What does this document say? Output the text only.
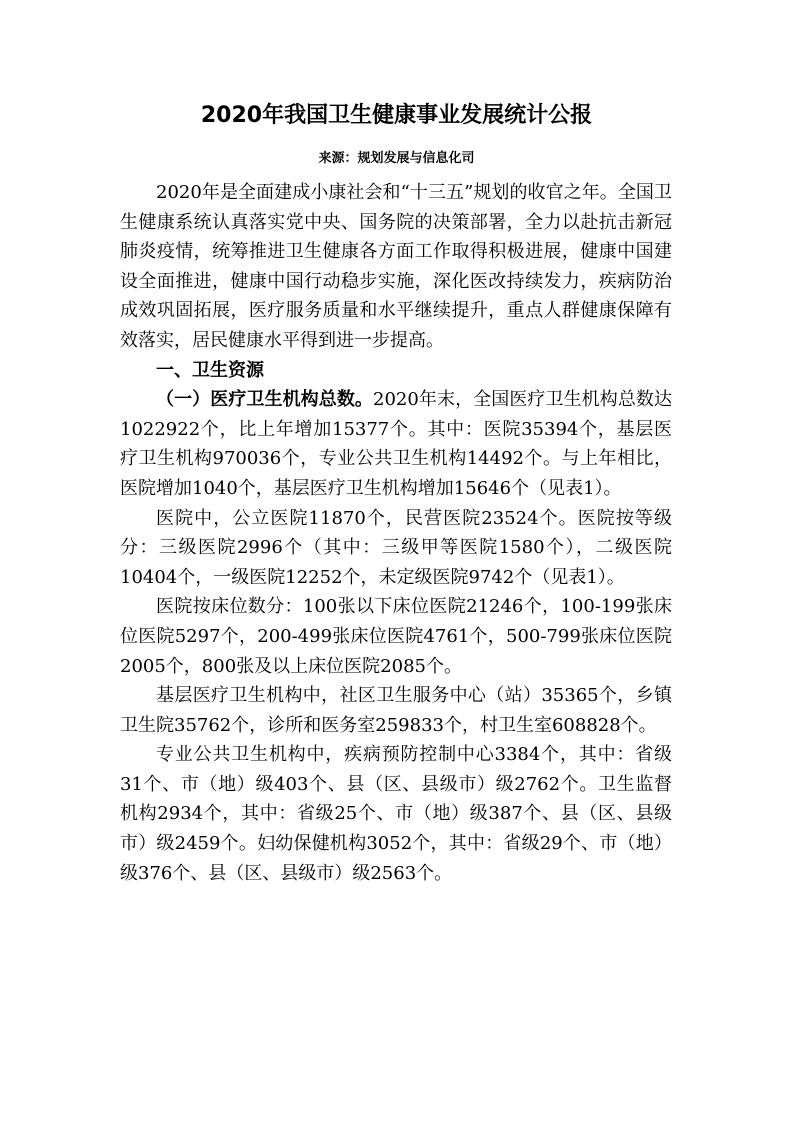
2020年我国卫生健康事业发展统计公报
来源：规划发展与信息化司

2020年是全面建成小康社会和“十三五”规划的收官之年。全国卫生健康系统认真落实党中央、国务院的决策部署，全力以赴抗击新冠肺炎疫情，统筹推进卫生健康各方面工作取得积极进展，健康中国建设全面推进，健康中国行动稳步实施，深化医改持续发力，疾病防治成效巩固拓展，医疗服务质量和水平继续提升，重点人群健康保障有效落实，居民健康水平得到进一步提高。

一、卫生资源

（一）医疗卫生机构总数。2020年末，全国医疗卫生机构总数达1022922个，比上年增加15377个。其中：医院35394个，基层医疗卫生机构970036个，专业公共卫生机构14492个。与上年相比，医院增加1040个，基层医疗卫生机构增加15646个（见表1）。

医院中，公立医院11870个，民营医院23524个。医院按等级分：三级医院2996个（其中：三级甲等医院1580个），二级医院10404个，一级医院12252个，未定级医院9742个（见表1）。

医院按床位数分：100张以下床位医院21246个，100-199张床位医院5297个，200-499张床位医院4761个，500-799张床位医院2005个，800张及以上床位医院2085个。

基层医疗卫生机构中，社区卫生服务中心（站）35365个，乡镇卫生院35762个，诊所和医务室259833个，村卫生室608828个。

专业公共卫生机构中，疾病预防控制中心3384个，其中：省级31个、市（地）级403个、县（区、县级市）级2762个。卫生监督机构2934个，其中：省级25个、市（地）级387个、县（区、县级市）级2459个。妇幼保健机构3052个，其中：省级29个、市（地）级376个、县（区、县级市）级2563个。
